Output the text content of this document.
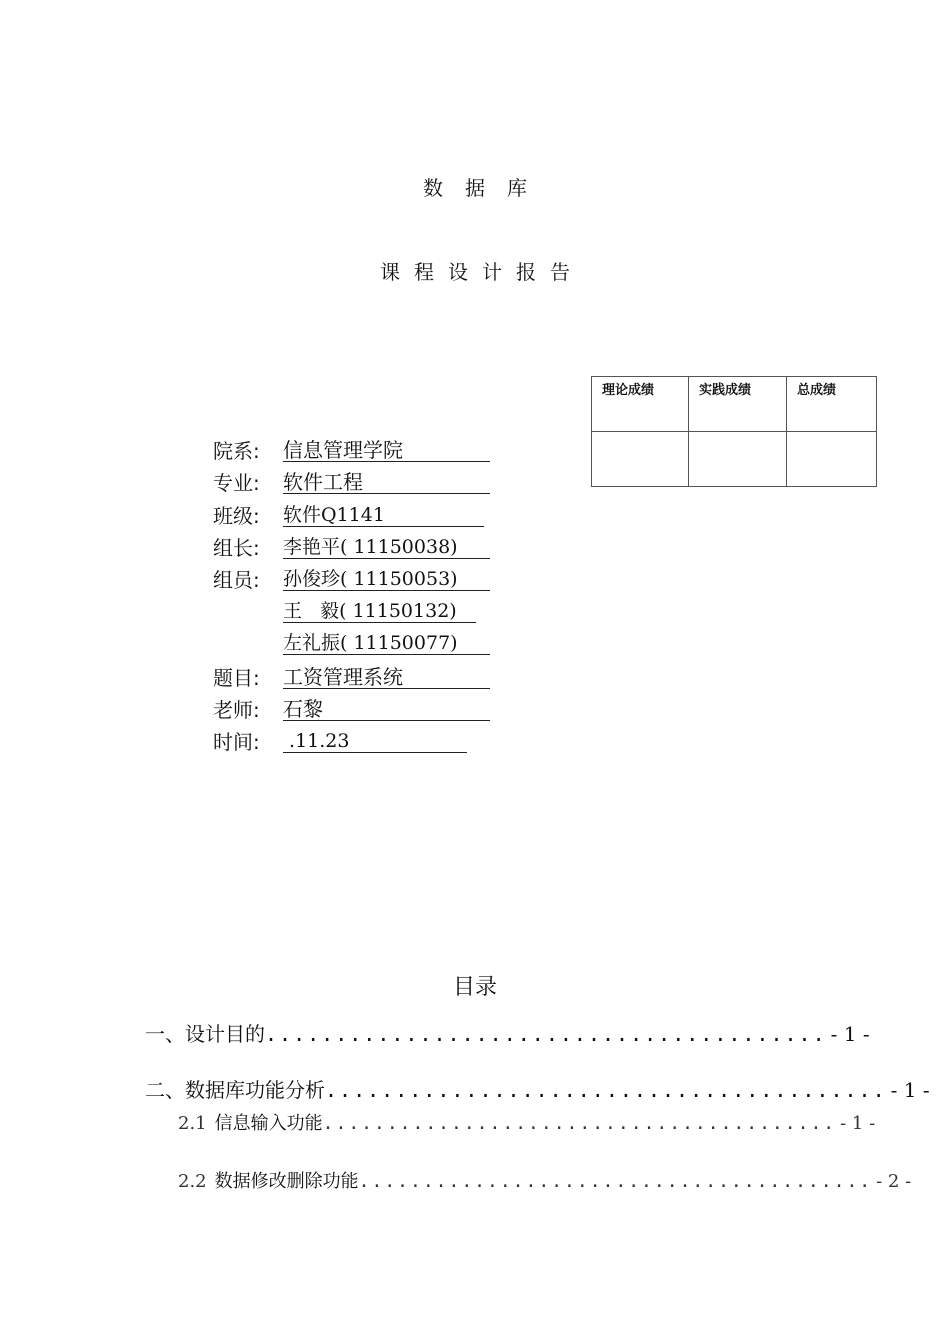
数据库
课程设计报告
理论成绩	实践成绩	总成绩

院系: 信息管理学院
专业: 软件工程
班级: 软件Q1141
组长: 李艳平( 11150038)
组员: 孙俊珍( 11150053)
王   毅( 11150132)
左礼振( 11150077)
题目: 工资管理系统
老师: 石黎
时间: .11.23
目录
一、 设计目的 ........................................ - 1 -
二、 数据库功能分析 ........................................ - 1 -
2.1 信息输入功能 ........................................ - 1 -
2.2 数据修改删除功能 ........................................ - 2 -
